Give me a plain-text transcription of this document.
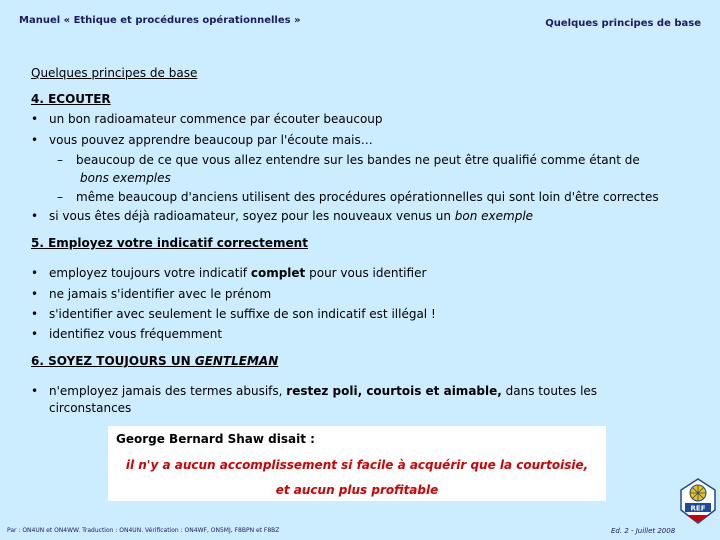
Manuel « Ethique et procédures opérationnelles »	Quelques principes de base
Quelques principes de base
4. ECOUTER
• un bon radioamateur commence par écouter beaucoup
• vous pouvez apprendre beaucoup par l'écoute mais…
– beaucoup de ce que vous allez entendre sur les bandes ne peut être qualifié comme étant de
bons exemples
– même beaucoup d'anciens utilisent des procédures opérationnelles qui sont loin d'être correctes
• si vous êtes déjà radioamateur, soyez pour les nouveaux venus un bon exemple
5. Employez votre indicatif correctement
• employez toujours votre indicatif complet pour vous identifier
• ne jamais s'identifier avec le prénom
• s'identifier avec seulement le suffixe de son indicatif est illégal !
• identifiez vous fréquemment
6. SOYEZ TOUJOURS UN GENTLEMAN
• n'employez jamais des termes abusifs, restez poli, courtois et aimable, dans toutes les
circonstances
George Bernard Shaw disait :
il n'y a aucun accomplissement si facile à acquérir que la courtoisie,
et aucun plus profitable
Par : ON4UN et ON4WW. Traduction : ON4UN. Vérification : ON4WF, ON5MJ, F8BPN et F8BZ	Ed. 2 - Juillet 2008
REF
